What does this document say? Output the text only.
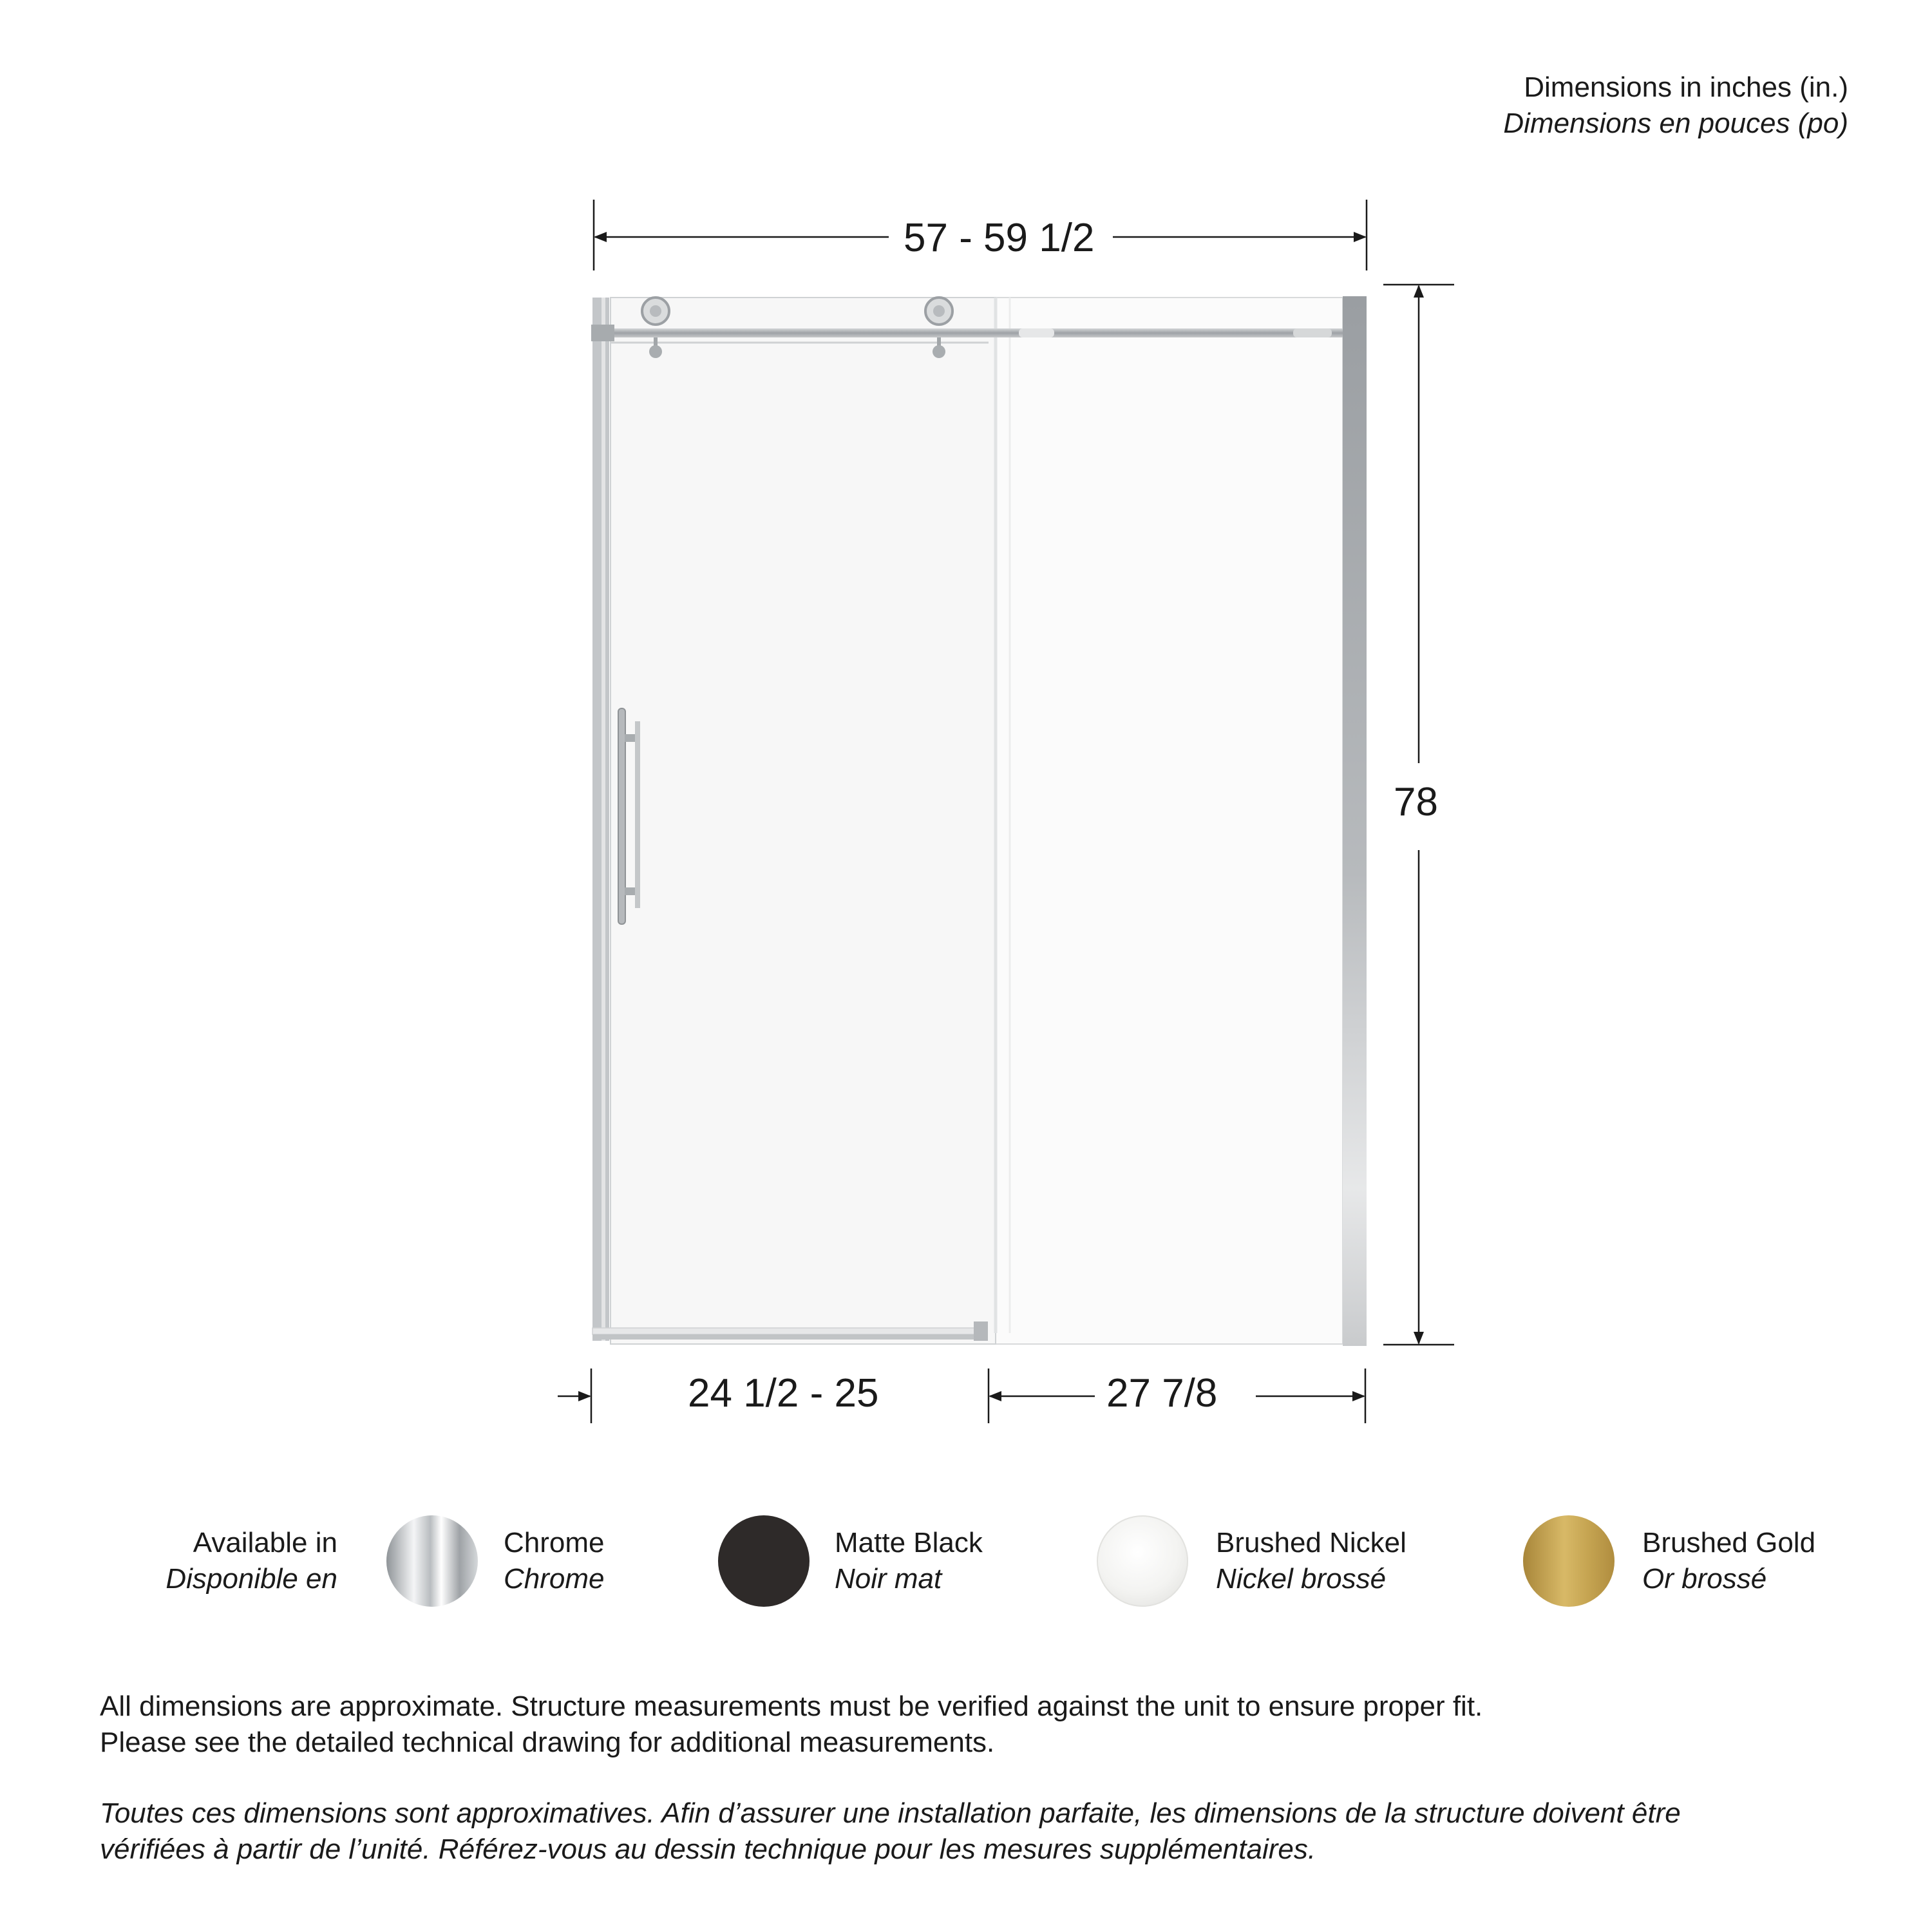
Dimensions in inches (in.)
Dimensions en pouces (po)
57 - 59 1/2
78
24 1/2 - 25	27 7/8
Available in
Disponible en
Chrome
Chrome
Matte Black
Noir mat
Brushed Nickel
Nickel brossé
Brushed Gold
Or brossé

All dimensions are approximate. Structure measurements must be verified against the unit to ensure proper fit.
Please see the detailed technical drawing for additional measurements.

Toutes ces dimensions sont approximatives. Afin d’assurer une installation parfaite, les dimensions de la structure doivent être
vérifiées à partir de l’unité. Référez-vous au dessin technique pour les mesures supplémentaires.
